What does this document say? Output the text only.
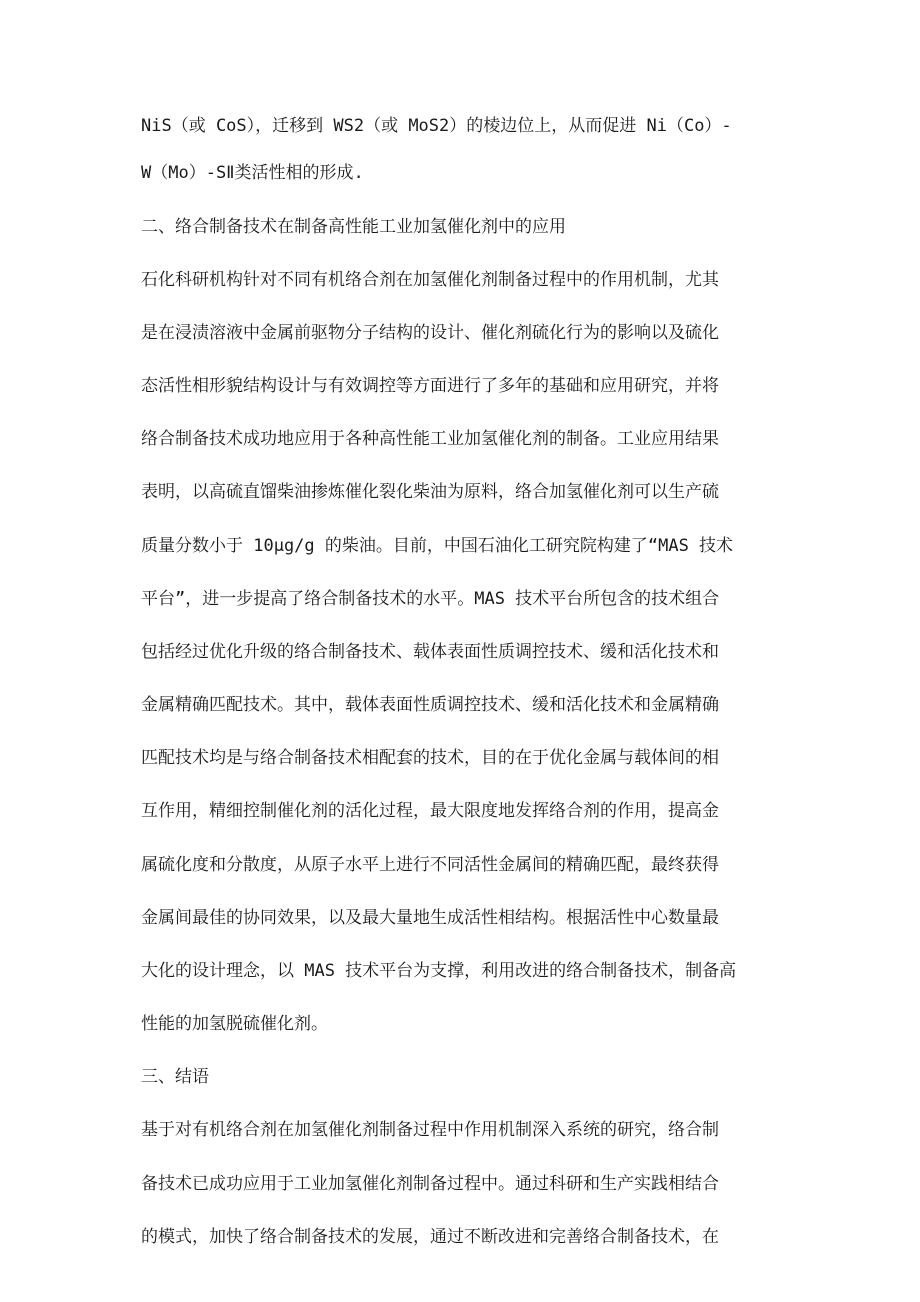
NiS（或 CoS），迁移到 WS2（或 MoS2）的棱边位上，从而促进 Ni（Co）-

W（Mo）-SⅡ类活性相的形成.

二、络合制备技术在制备高性能工业加氢催化剂中的应用

石化科研机构针对不同有机络合剂在加氢催化剂制备过程中的作用机制，尤其

是在浸渍溶液中金属前驱物分子结构的设计、催化剂硫化行为的影响以及硫化

态活性相形貌结构设计与有效调控等方面进行了多年的基础和应用研究，并将

络合制备技术成功地应用于各种高性能工业加氢催化剂的制备。工业应用结果

表明，以高硫直馏柴油掺炼催化裂化柴油为原料，络合加氢催化剂可以生产硫

质量分数小于 10μg/g 的柴油。目前，中国石油化工研究院构建了“MAS 技术

平台”，进一步提高了络合制备技术的水平。MAS 技术平台所包含的技术组合

包括经过优化升级的络合制备技术、载体表面性质调控技术、缓和活化技术和

金属精确匹配技术。其中，载体表面性质调控技术、缓和活化技术和金属精确

匹配技术均是与络合制备技术相配套的技术，目的在于优化金属与载体间的相

互作用，精细控制催化剂的活化过程，最大限度地发挥络合剂的作用，提高金

属硫化度和分散度，从原子水平上进行不同活性金属间的精确匹配，最终获得

金属间最佳的协同效果，以及最大量地生成活性相结构。根据活性中心数量最

大化的设计理念，以 MAS 技术平台为支撑，利用改进的络合制备技术，制备高

性能的加氢脱硫催化剂。

三、结语

基于对有机络合剂在加氢催化剂制备过程中作用机制深入系统的研究，络合制

备技术已成功应用于工业加氢催化剂制备过程中。通过科研和生产实践相结合

的模式，加快了络合制备技术的发展，通过不断改进和完善络合制备技术，在
